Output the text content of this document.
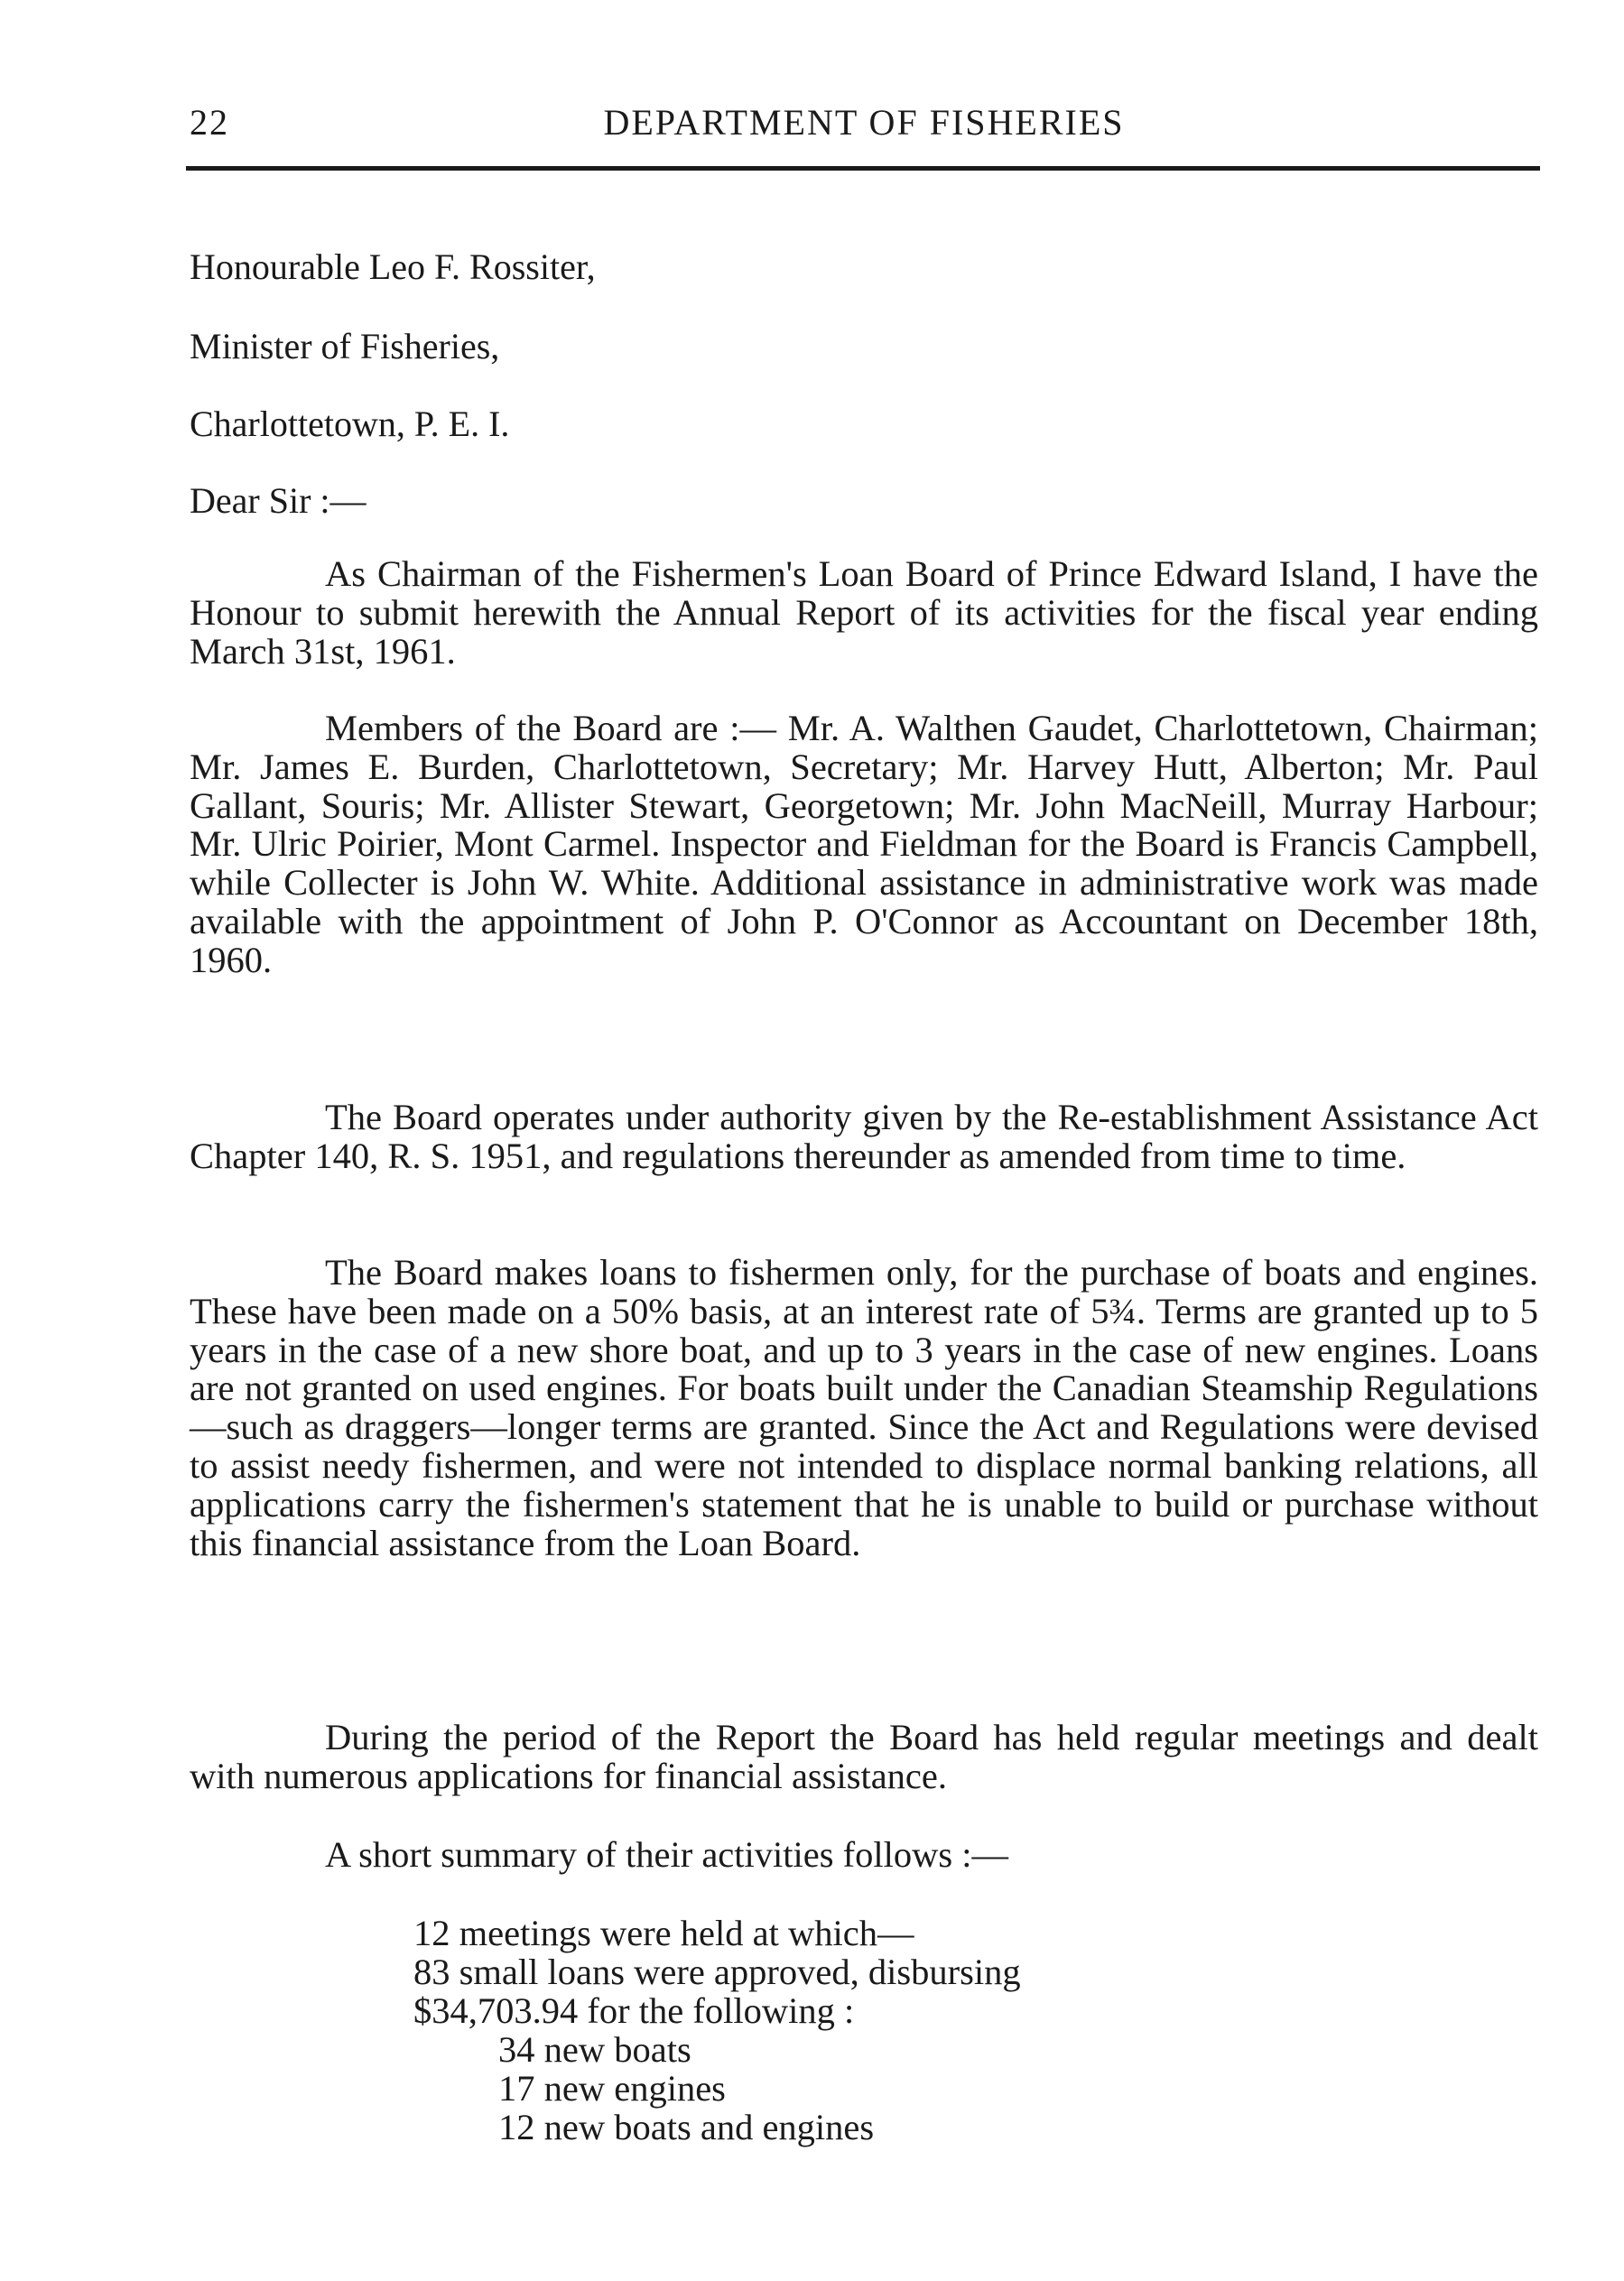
22	DEPARTMENT OF FISHERIES
Honourable Leo F. Rossiter,
Minister of Fisheries,
Charlottetown, P. E. I.
Dear Sir :—

As Chairman of the Fishermen's Loan Board of Prince Edward Island, I have the Honour to submit herewith the Annual Report of its activities for the fiscal year ending March 31st, 1961.

Members of the Board are :— Mr. A. Walthen Gaudet, Charlottetown, Chairman; Mr. James E. Burden, Charlottetown, Secretary; Mr. Harvey Hutt, Alberton; Mr. Paul Gallant, Souris; Mr. Allister Stewart, Georgetown; Mr. John MacNeill, Murray Harbour; Mr. Ulric Poirier, Mont Carmel. Inspector and Fieldman for the Board is Francis Campbell, while Collecter is John W. White. Additional assistance in administrative work was made available with the appointment of John P. O'Connor as Accountant on December 18th, 1960.

The Board operates under authority given by the Re-establishment Assistance Act Chapter 140, R. S. 1951, and regulations thereunder as amended from time to time.

The Board makes loans to fishermen only, for the purchase of boats and engines. These have been made on a 50% basis, at an interest rate of 5¾. Terms are granted up to 5 years in the case of a new shore boat, and up to 3 years in the case of new engines. Loans are not granted on used engines. For boats built under the Canadian Steamship Regulations—such as draggers—longer terms are granted. Since the Act and Regulations were devised to assist needy fishermen, and were not intended to displace normal banking relations, all applications carry the fishermen's statement that he is unable to build or purchase without this financial assistance from the Loan Board.

During the period of the Report the Board has held regular meetings and dealt with numerous applications for financial assistance.

A short summary of their activities follows :—
12 meetings were held at which—
83 small loans were approved, disbursing
$34,703.94 for the following :
34 new boats
17 new engines
12 new boats and engines
